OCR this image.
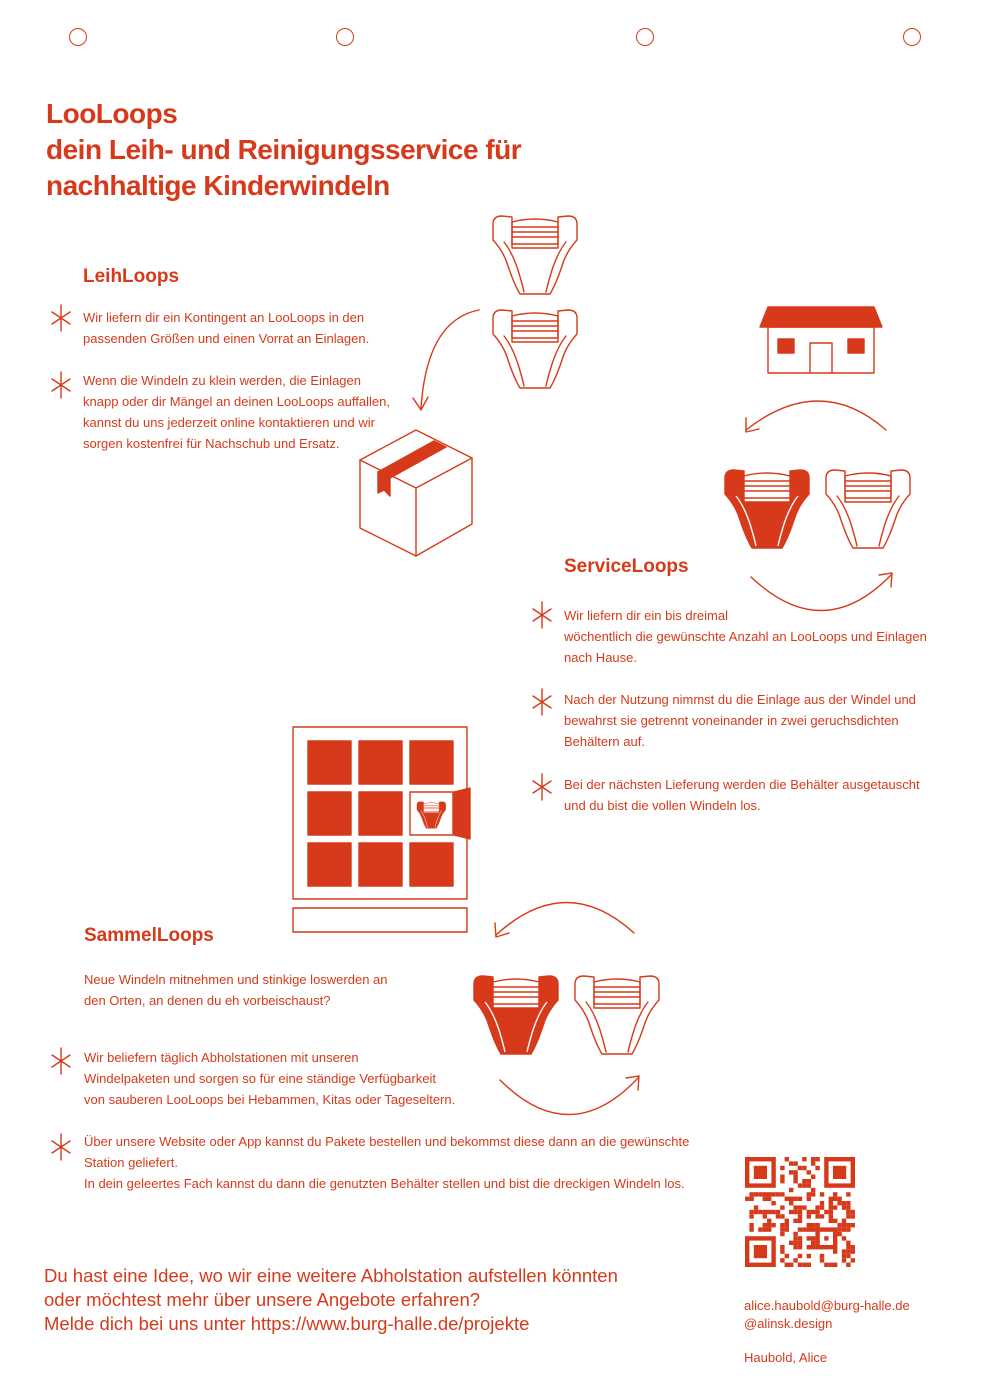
LooLoops
dein Leih- und Reinigungsservice für
nachhaltige Kinderwindeln
LeihLoops
Wir liefern dir ein Kontingent an LooLoops in den
passenden Größen und einen Vorrat an Einlagen.
Wenn die Windeln zu klein werden, die Einlagen
knapp oder dir Mängel an deinen LooLoops auffallen,
kannst du uns jederzeit online kontaktieren und wir
sorgen kostenfrei für Nachschub und Ersatz.
ServiceLoops
Wir liefern dir ein bis dreimal
wöchentlich die gewünschte Anzahl an LooLoops und Einlagen
nach Hause.
Nach der Nutzung nimmst du die Einlage aus der Windel und
bewahrst sie getrennt voneinander in zwei geruchsdichten
Behältern auf.
Bei der nächsten Lieferung werden die Behälter ausgetauscht
und du bist die vollen Windeln los.
SammelLoops
Neue Windeln mitnehmen und stinkige loswerden an
den Orten, an denen du eh vorbeischaust?
Wir beliefern täglich Abholstationen mit unseren
Windelpaketen und sorgen so für eine ständige Verfügbarkeit
von sauberen LooLoops bei Hebammen, Kitas oder Tageseltern.
Über unsere Website oder App kannst du Pakete bestellen und bekommst diese dann an die gewünschte
Station geliefert.
In dein geleertes Fach kannst du dann die genutzten Behälter stellen und bist die dreckigen Windeln los.
Du hast eine Idee, wo wir eine weitere Abholstation aufstellen könnten
oder möchtest mehr über unsere Angebote erfahren?
Melde dich bei uns unter https://www.burg-halle.de/projekte
alice.haubold@burg-halle.de
@alinsk.design
Haubold, Alice
